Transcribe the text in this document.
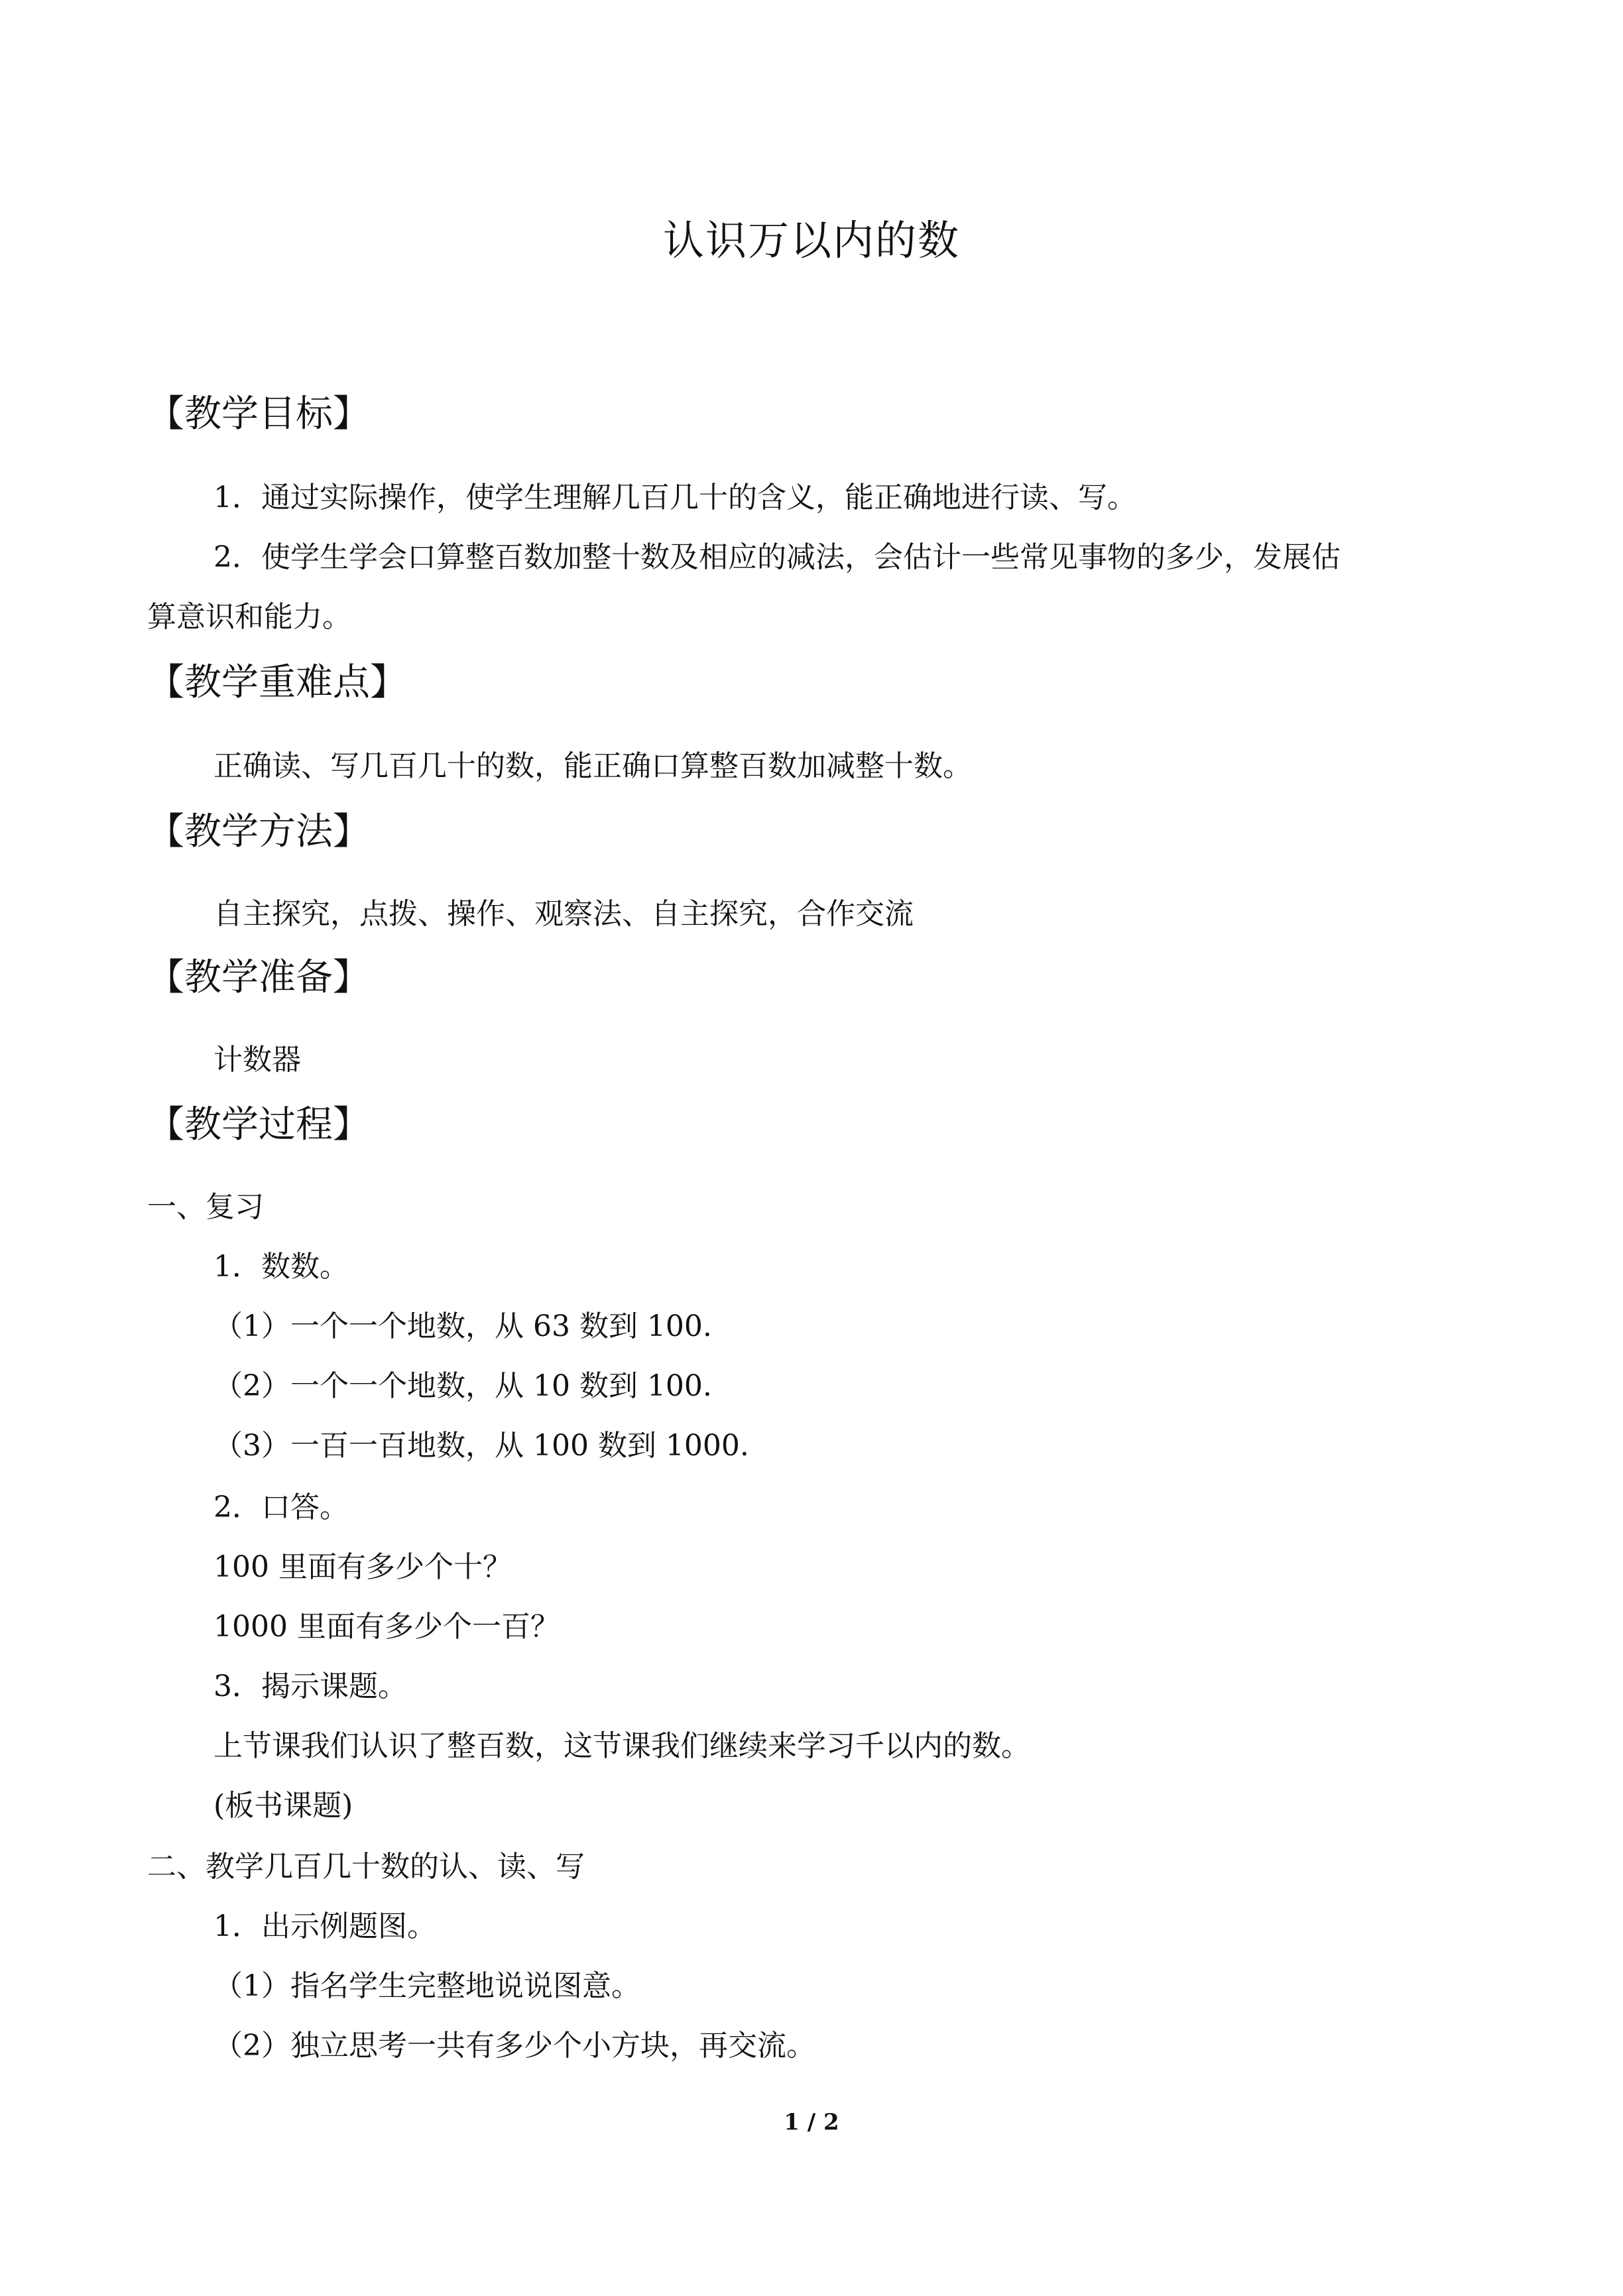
认识万以内的数
【教学目标】
1．通过实际操作，使学生理解几百几十的含义，能正确地进行读、写。
2．使学生学会口算整百数加整十数及相应的减法，会估计一些常见事物的多少，发展估
算意识和能力。
【教学重难点】
正确读、写几百几十的数，能正确口算整百数加减整十数。
【教学方法】
自主探究，点拨、操作、观察法、自主探究，合作交流
【教学准备】
计数器
【教学过程】
一、复习
1．数数。
（1）一个一个地数，从 63 数到 100.
（2）一个一个地数，从 10 数到 100.
（3）一百一百地数，从 100 数到 1000.
2．口答。
100 里面有多少个十？
1000 里面有多少个一百？
3．揭示课题。
上节课我们认识了整百数，这节课我们继续来学习千以内的数。
(板书课题)
二、教学几百几十数的认、读、写
1．出示例题图。
（1）指名学生完整地说说图意。
（2）独立思考一共有多少个小方块，再交流。
1 / 2
